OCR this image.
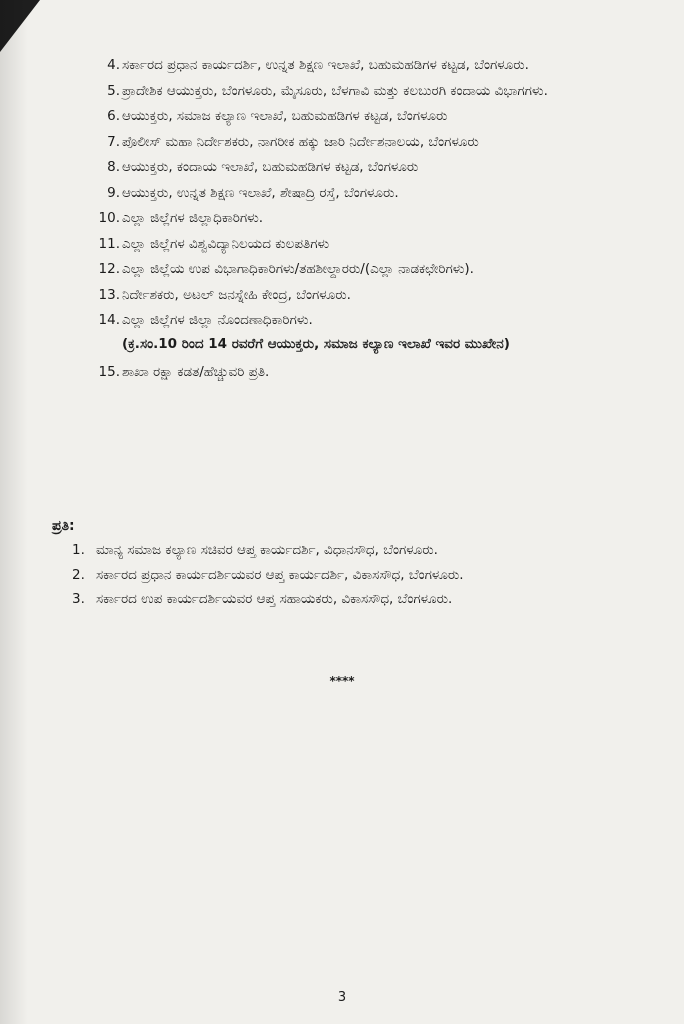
4. ಸರ್ಕಾರದ ಪ್ರಧಾನ ಕಾರ್ಯದರ್ಶಿ, ಉನ್ನತ ಶಿಕ್ಷಣ ಇಲಾಖೆ, ಬಹುಮಹಡಿಗಳ ಕಟ್ಟಡ, ಬೆಂಗಳೂರು.
5. ಪ್ರಾದೇಶಿಕ ಆಯುಕ್ತರು, ಬೆಂಗಳೂರು, ಮೈಸೂರು, ಬೆಳಗಾವಿ ಮತ್ತು ಕಲಬುರಗಿ ಕಂದಾಯ ವಿಭಾಗಗಳು.
6. ಆಯುಕ್ತರು, ಸಮಾಜ ಕಲ್ಯಾಣ ಇಲಾಖೆ, ಬಹುಮಹಡಿಗಳ ಕಟ್ಟಡ, ಬೆಂಗಳೂರು
7. ಪೊಲೀಸ್ ಮಹಾ ನಿರ್ದೇಶಕರು, ನಾಗರೀಕ ಹಕ್ಕು ಜಾರಿ ನಿರ್ದೇಶನಾಲಯ, ಬೆಂಗಳೂರು
8. ಆಯುಕ್ತರು, ಕಂದಾಯ ಇಲಾಖೆ, ಬಹುಮಹಡಿಗಳ ಕಟ್ಟಡ, ಬೆಂಗಳೂರು
9. ಆಯುಕ್ತರು, ಉನ್ನತ ಶಿಕ್ಷಣ ಇಲಾಖೆ, ಶೇಷಾದ್ರಿ ರಸ್ತೆ, ಬೆಂಗಳೂರು.
10. ಎಲ್ಲಾ ಜಿಲ್ಲೆಗಳ ಜಿಲ್ಲಾಧಿಕಾರಿಗಳು.
11. ಎಲ್ಲಾ ಜಿಲ್ಲೆಗಳ ವಿಶ್ವವಿದ್ಯಾನಿಲಯದ ಕುಲಪತಿಗಳು
12. ಎಲ್ಲಾ ಜಿಲ್ಲೆಯ ಉಪ ವಿಭಾಗಾಧಿಕಾರಿಗಳು/ತಹಶೀಲ್ದಾರರು/(ಎಲ್ಲಾ ನಾಡಕಛೇರಿಗಳು).
13. ನಿರ್ದೇಶಕರು, ಅಟಲ್ ಜನಸ್ನೇಹಿ ಕೇಂದ್ರ, ಬೆಂಗಳೂರು.
14. ಎಲ್ಲಾ ಜಿಲ್ಲೆಗಳ ಜಿಲ್ಲಾ ನೊಂದಣಾಧಿಕಾರಿಗಳು.
(ಕ್ರ.ಸಂ.10 ರಿಂದ 14 ರವರೆಗೆ ಆಯುಕ್ತರು, ಸಮಾಜ ಕಲ್ಯಾಣ ಇಲಾಖೆ ಇವರ ಮುಖೇನ)
15. ಶಾಖಾ ರಕ್ಷಾ ಕಡತ/ಹೆಚ್ಚುವರಿ ಪ್ರತಿ.
ಪ್ರತಿ:
1. ಮಾನ್ಯ ಸಮಾಜ ಕಲ್ಯಾಣ ಸಚಿವರ ಆಪ್ತ ಕಾರ್ಯದರ್ಶಿ, ವಿಧಾನಸೌಧ, ಬೆಂಗಳೂರು.
2. ಸರ್ಕಾರದ ಪ್ರಧಾನ ಕಾರ್ಯದರ್ಶಿಯವರ ಆಪ್ತ ಕಾರ್ಯದರ್ಶಿ, ವಿಕಾಸಸೌಧ, ಬೆಂಗಳೂರು.
3. ಸರ್ಕಾರದ ಉಪ ಕಾರ್ಯದರ್ಶಿಯವರ ಆಪ್ತ ಸಹಾಯಕರು, ವಿಕಾಸಸೌಧ, ಬೆಂಗಳೂರು.
****
3
